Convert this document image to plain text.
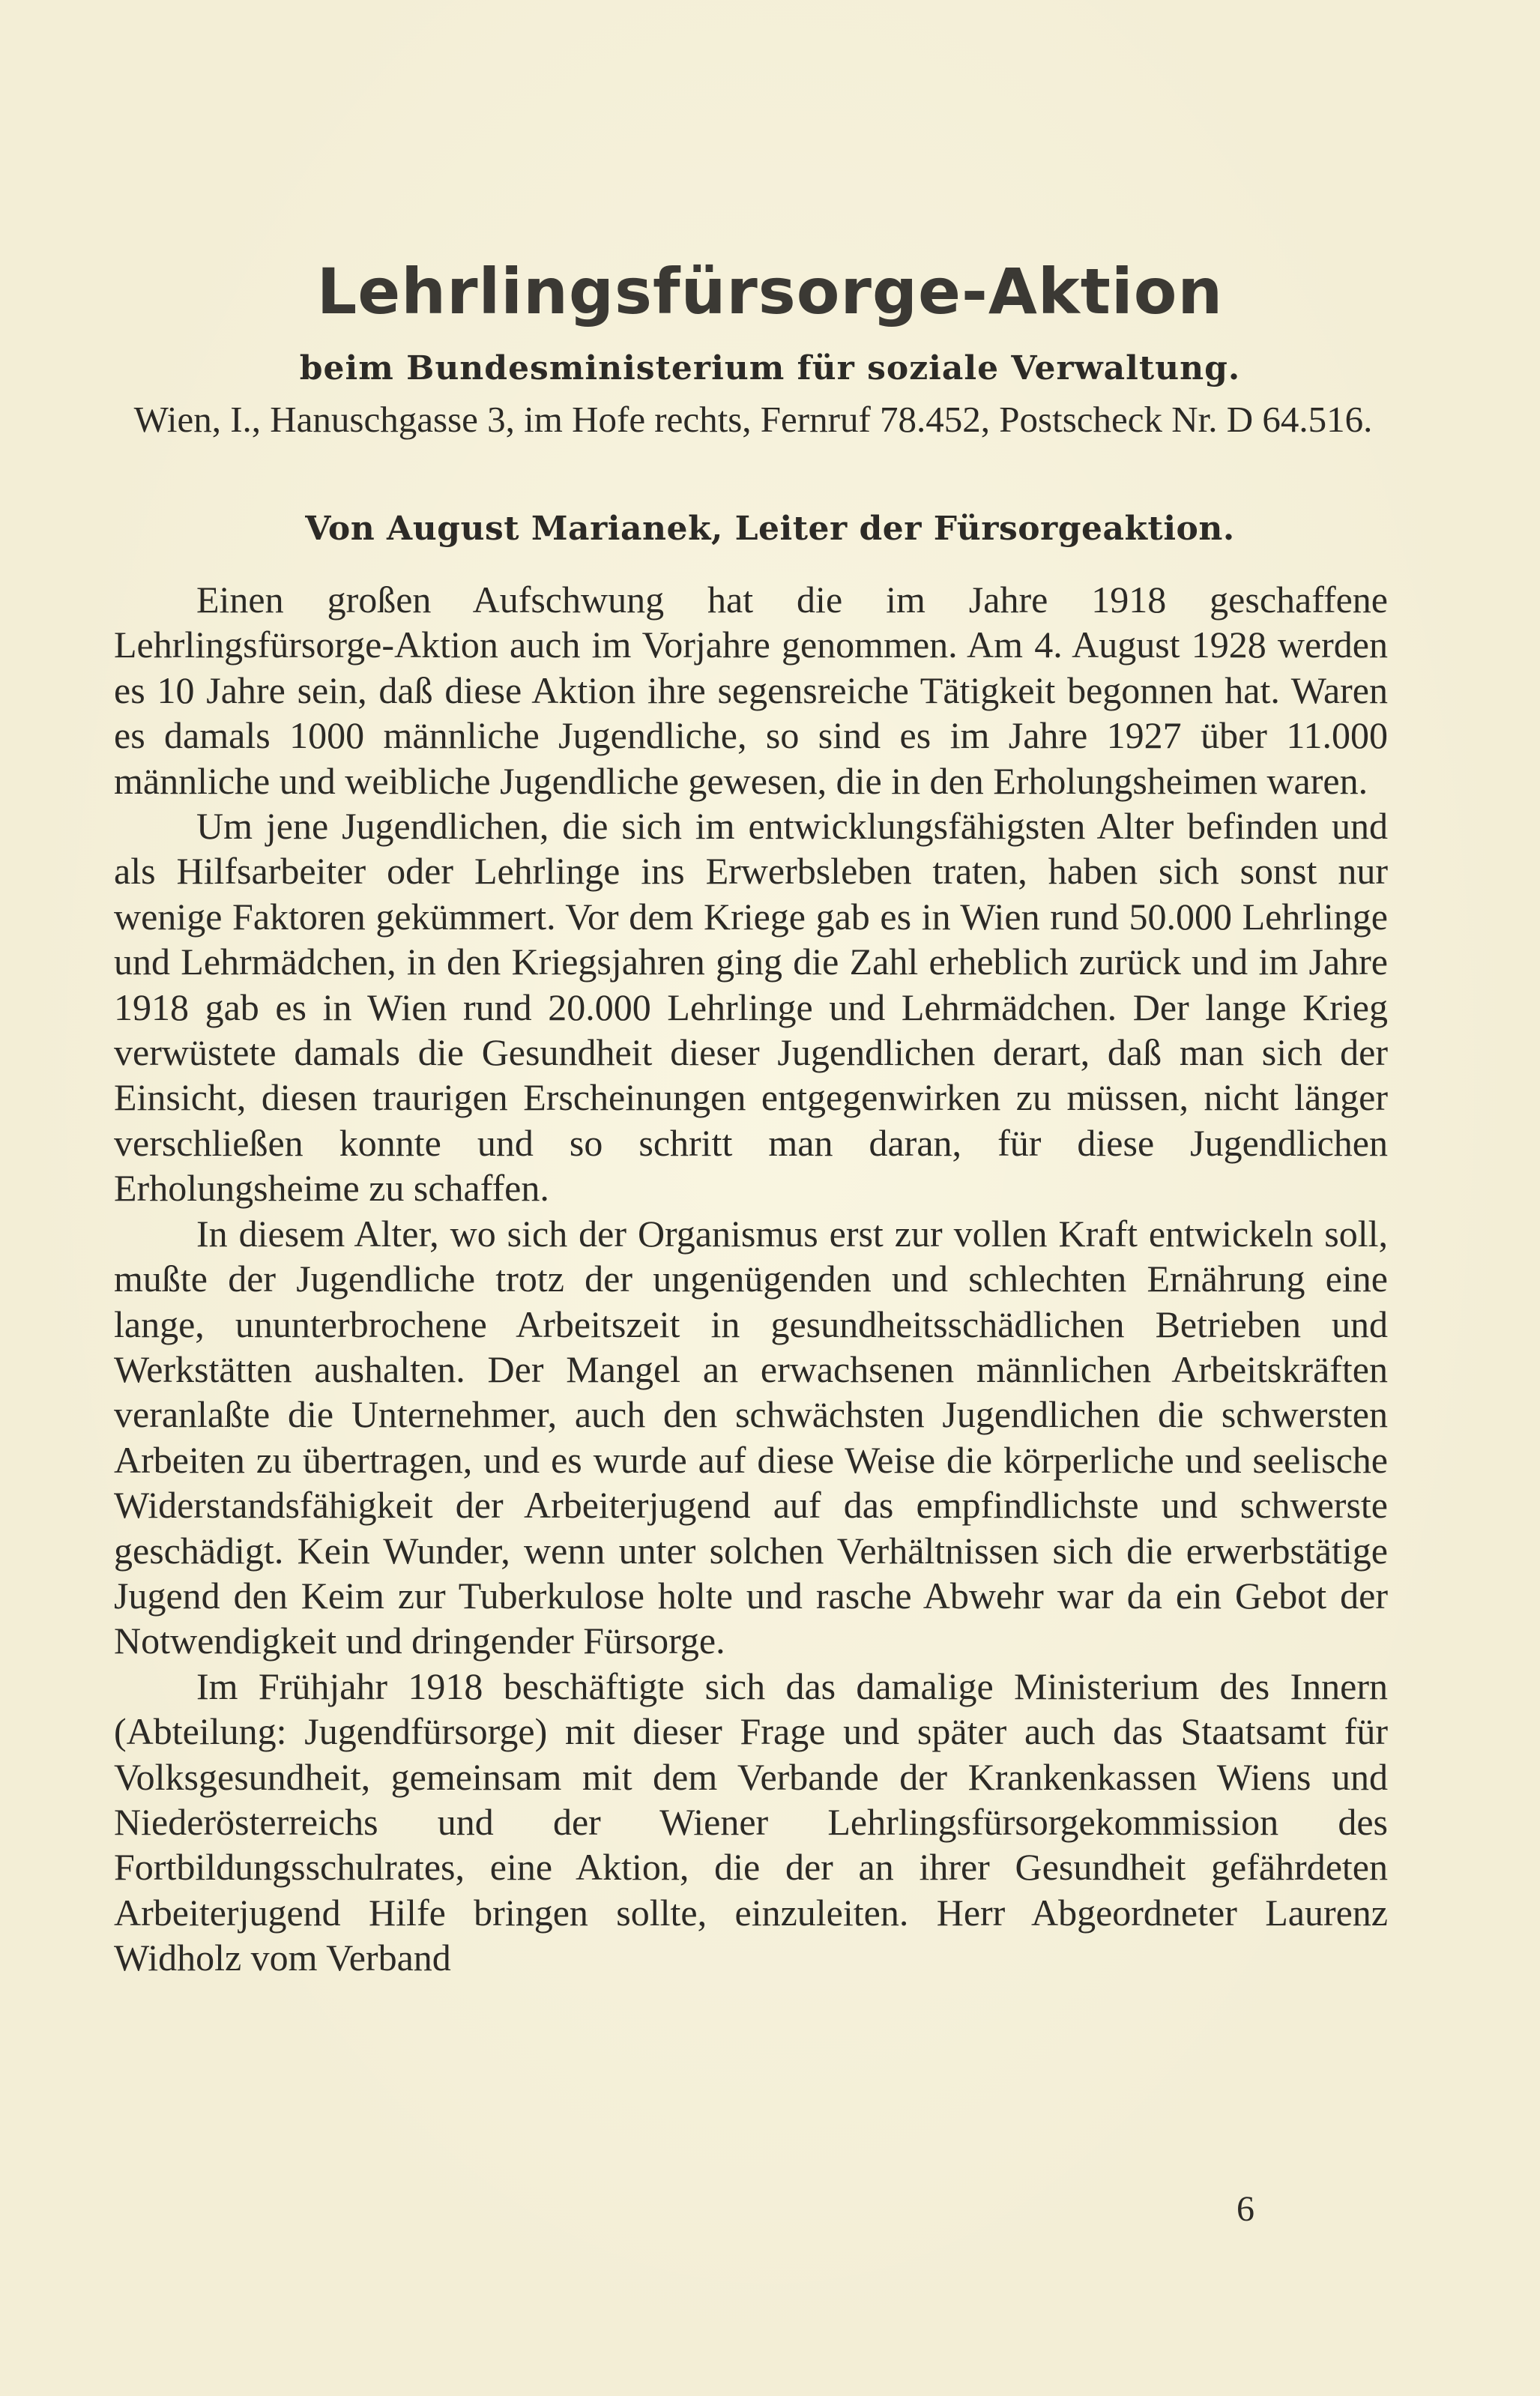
Lehrlingsfürsorge-Aktion
beim Bundesministerium für soziale Verwaltung.
Wien, I., Hanuschgasse 3, im Hofe rechts, Fernruf 78.452, Postscheck Nr. D 64.516.
Von August Marianek, Leiter der Fürsorgeaktion.

Einen großen Aufschwung hat die im Jahre 1918 geschaffene Lehrlingsfürsorge-Aktion auch im Vorjahre genommen. Am 4. August 1928 werden es 10 Jahre sein, daß diese Aktion ihre segensreiche Tätigkeit begonnen hat. Waren es damals 1000 männliche Jugendliche, so sind es im Jahre 1927 über 11.000 männliche und weibliche Jugendliche gewesen, die in den Erholungsheimen waren.

Um jene Jugendlichen, die sich im entwicklungsfähigsten Alter befinden und als Hilfsarbeiter oder Lehrlinge ins Erwerbsleben traten, haben sich sonst nur wenige Faktoren gekümmert. Vor dem Kriege gab es in Wien rund 50.000 Lehrlinge und Lehrmädchen, in den Kriegsjahren ging die Zahl erheblich zurück und im Jahre 1918 gab es in Wien rund 20.000 Lehrlinge und Lehrmädchen. Der lange Krieg verwüstete damals die Gesundheit dieser Jugendlichen derart, daß man sich der Einsicht, diesen traurigen Erscheinungen entgegenwirken zu müssen, nicht länger verschließen konnte und so schritt man daran, für diese Jugendlichen Erholungsheime zu schaffen.

In diesem Alter, wo sich der Organismus erst zur vollen Kraft entwickeln soll, mußte der Jugendliche trotz der ungenügenden und schlechten Ernährung eine lange, ununterbrochene Arbeitszeit in gesundheitsschädlichen Betrieben und Werkstätten aushalten. Der Mangel an erwachsenen männlichen Arbeitskräften veranlaßte die Unternehmer, auch den schwächsten Jugendlichen die schwersten Arbeiten zu übertragen, und es wurde auf diese Weise die körperliche und seelische Widerstandsfähigkeit der Arbeiterjugend auf das empfindlichste und schwerste geschädigt. Kein Wunder, wenn unter solchen Verhältnissen sich die erwerbstätige Jugend den Keim zur Tuberkulose holte und rasche Abwehr war da ein Gebot der Notwendigkeit und dringender Fürsorge.

Im Frühjahr 1918 beschäftigte sich das damalige Ministerium des Innern (Abteilung: Jugendfürsorge) mit dieser Frage und später auch das Staatsamt für Volksgesundheit, gemeinsam mit dem Verbande der Krankenkassen Wiens und Niederösterreichs und der Wiener Lehrlingsfürsorgekommission des Fortbildungsschulrates, eine Aktion, die der an ihrer Gesundheit gefährdeten Arbeiterjugend Hilfe bringen sollte, einzuleiten. Herr Abgeordneter Laurenz Widholz vom Verband

6
